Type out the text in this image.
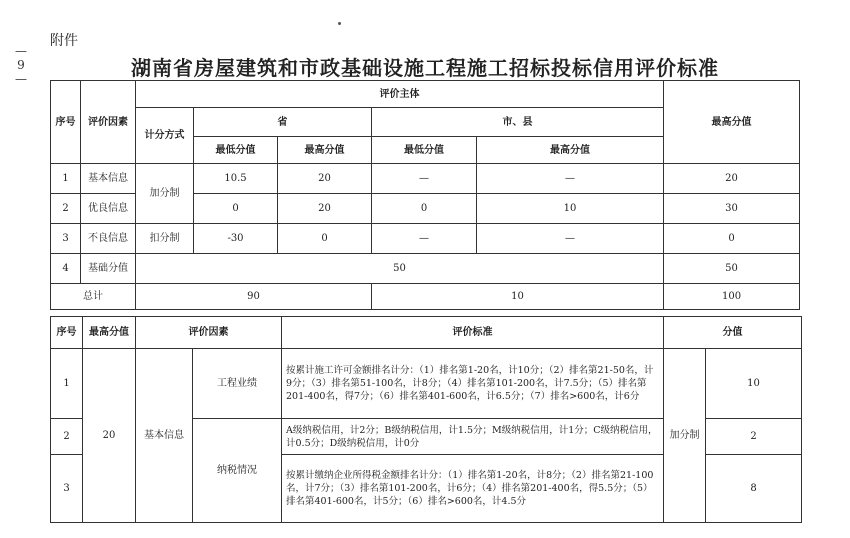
— 9 —
附件
湖南省房屋建筑和市政基础设施工程施工招标投标信用评价标准
序号	评价因素	评价主体					最高分值
		计分方式	省		市、县		
			最低分值	最高分值	最低分值	最高分值	
1	基本信息	加分制	10.5	20	—	—	20
2	优良信息		0	20	0	10	30
3	不良信息	扣分制	-30	0	—	—	0
4	基础分值	50					50
总计		90			10		100
序号	最高分值	评价因素		评价标准	分值	
1	20	基本信息	工程业绩	按累计施工许可金额排名计分：（1）排名第1-20名，计10分；（2）排名第21-50名，计9分；（3）排名第51-100名，计8分；（4）排名第101-200名，计7.5分；（5）排名第201-400名，得7分；（6）排名第401-600名，计6.5分；（7）排名>600名，计6分	加分制	10
2			纳税情况	A级纳税信用，计2分；B级纳税信用，计1.5分；M级纳税信用，计1分；C级纳税信用，计0.5分；D级纳税信用，计0分		2
3				按累计缴纳企业所得税金额排名计分：（1）排名第1-20名，计8分；（2）排名第21-100名，计7分；（3）排名第101-200名，计6分；（4）排名第201-400名，得5.5分；（5）排名第401-600名，计5分；（6）排名>600名，计4.5分		8
